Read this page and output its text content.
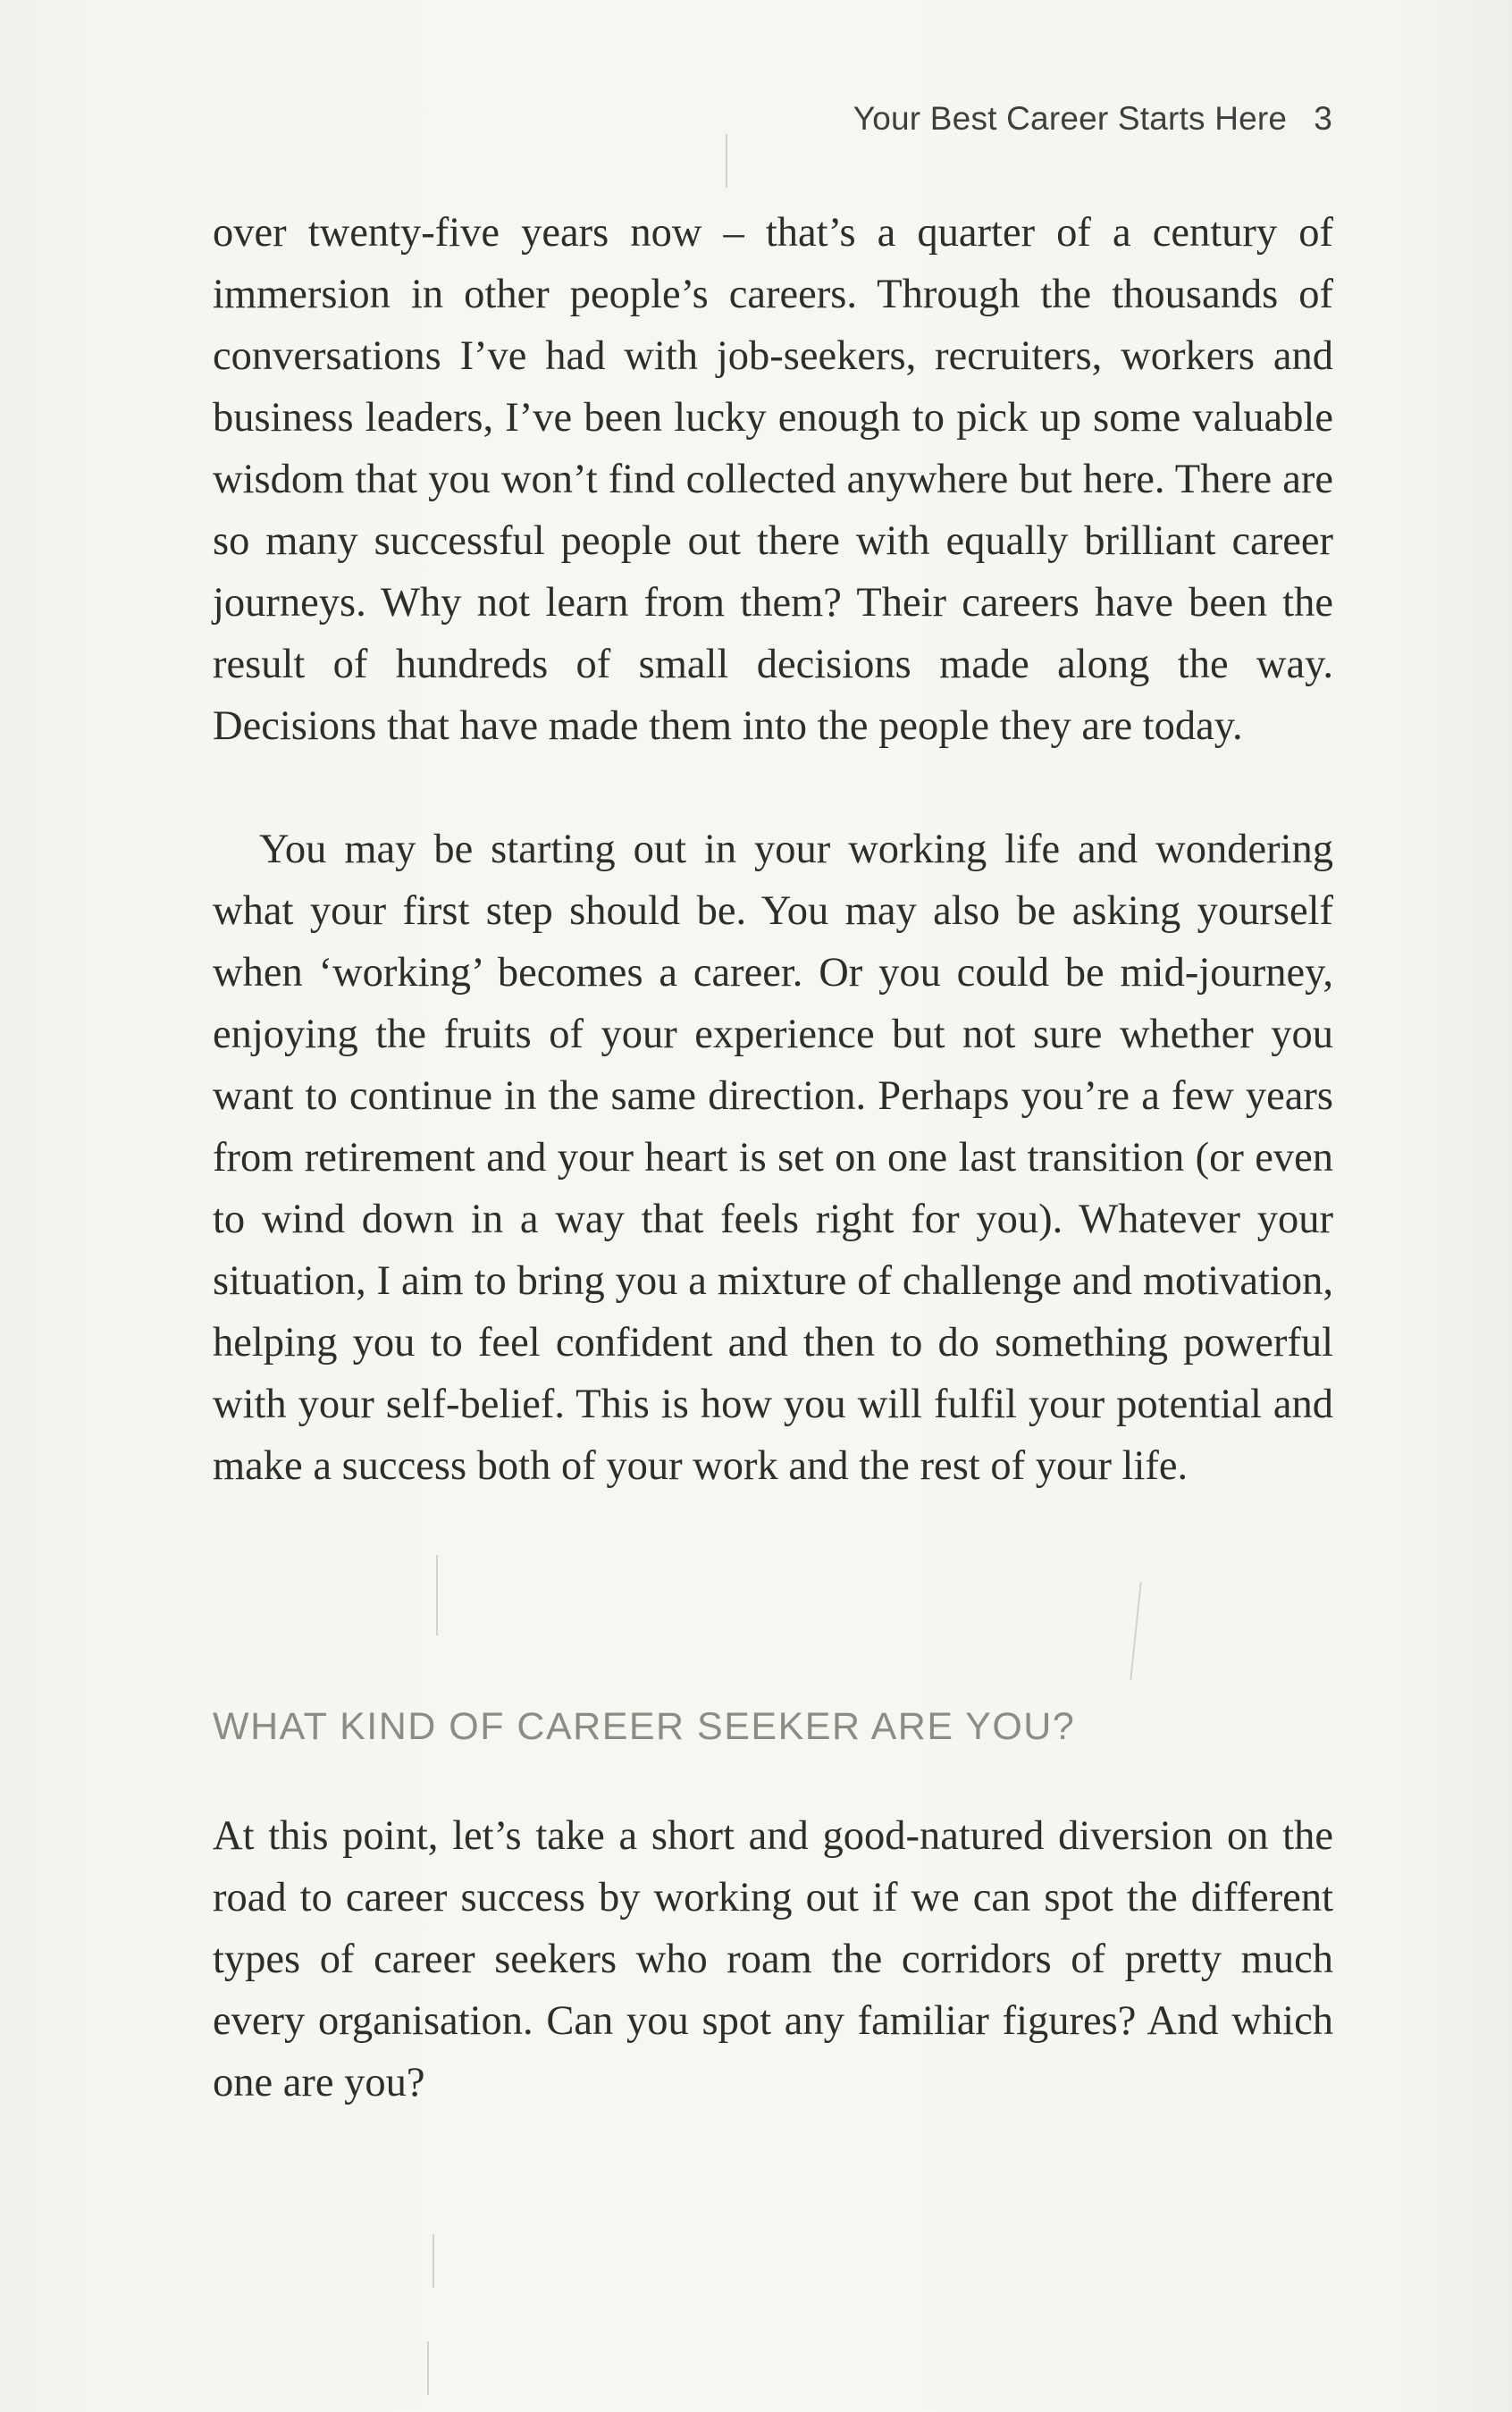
Your Best Career Starts Here 3

over twenty-five years now – that’s a quarter of a century of immersion in other people’s careers. Through the thousands of conversations I’ve had with job-seekers, recruiters, workers and business leaders, I’ve been lucky enough to pick up some valuable wisdom that you won’t find collected anywhere but here. There are so many successful people out there with equally brilliant career journeys. Why not learn from them? Their careers have been the result of hundreds of small decisions made along the way. Decisions that have made them into the people they are today.

You may be starting out in your working life and wondering what your first step should be. You may also be asking yourself when ‘working’ becomes a career. Or you could be mid-journey, enjoying the fruits of your experience but not sure whether you want to continue in the same direction. Perhaps you’re a few years from retirement and your heart is set on one last transition (or even to wind down in a way that feels right for you). Whatever your situation, I aim to bring you a mixture of challenge and motivation, helping you to feel confident and then to do something powerful with your self-belief. This is how you will fulfil your potential and make a success both of your work and the rest of your life.

WHAT KIND OF CAREER SEEKER ARE YOU?

At this point, let’s take a short and good-natured diversion on the road to career success by working out if we can spot the different types of career seekers who roam the corridors of pretty much every organisation. Can you spot any familiar figures? And which one are you?
